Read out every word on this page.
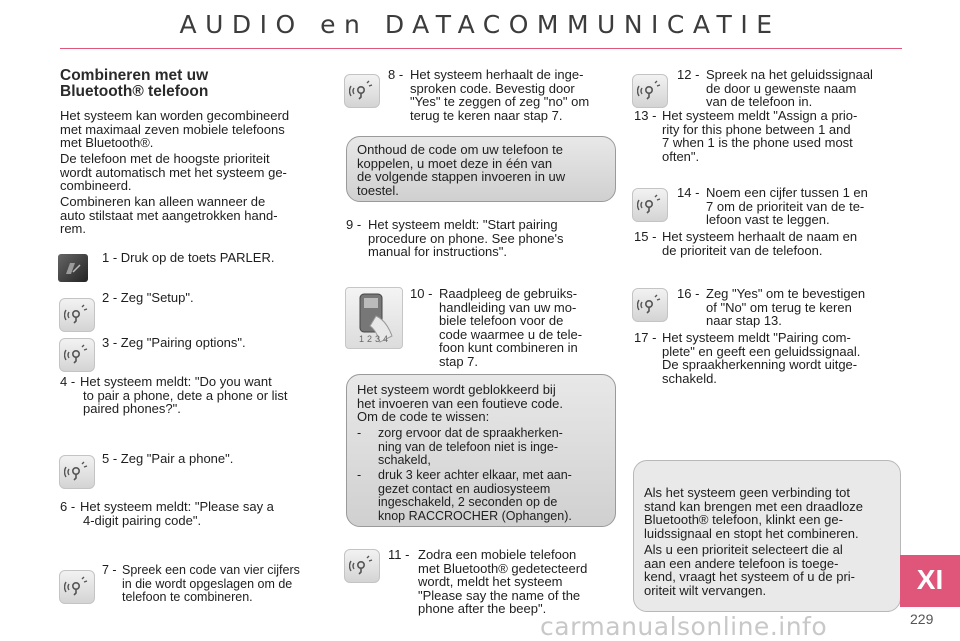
AUDIO en DATACOMMUNICATIE
Combineren met uw
Bluetooth® telefoon
Het systeem kan worden gecombineerd
met maximaal zeven mobiele telefoons
met Bluetooth®.
De telefoon met de hoogste prioriteit
wordt automatisch met het systeem ge-
combineerd.
Combineren kan alleen wanneer de
auto stilstaat met aangetrokken hand-
rem.
1 - Druk op de toets PARLER.
2 - Zeg "Setup".
3 - Zeg "Pairing options".
4 - Het systeem meldt: "Do you want
to pair a phone, dete a phone or list
paired phones?".
5 - Zeg "Pair a phone".
6 - Het systeem meldt: "Please say a
4-digit pairing code".
7 - Spreek een code van vier cijfers
in die wordt opgeslagen om de
telefoon te combineren.
8 - Het systeem herhaalt de inge-
sproken code. Bevestig door
"Yes" te zeggen of zeg "no" om
terug te keren naar stap 7.
Onthoud de code om uw telefoon te
koppelen, u moet deze in één van
de volgende stappen invoeren in uw
toestel.
9 - Het systeem meldt: "Start pairing
procedure on phone. See phone's
manual for instructions".
1234
10 - Raadpleeg de gebruiks-
handleiding van uw mo-
biele telefoon voor de
code waarmee u de tele-
foon kunt combineren in
stap 7.
Het systeem wordt geblokkeerd bij
het invoeren van een foutieve code.
Om de code te wissen:
- zorg ervoor dat de spraakherken-
ning van de telefoon niet is inge-
schakeld,
- druk 3 keer achter elkaar, met aan-
gezet contact en audiosysteem
ingeschakeld, 2 seconden op de
knop RACCROCHER (Ophangen).
11 - Zodra een mobiele telefoon
met Bluetooth® gedetecteerd
wordt, meldt het systeem
"Please say the name of the
phone after the beep".
12 - Spreek na het geluidssignaal
de door u gewenste naam
van de telefoon in.
13 - Het systeem meldt "Assign a prio-
rity for this phone between 1 and
7 when 1 is the phone used most
often".
14 - Noem een cijfer tussen 1 en
7 om de prioriteit van de te-
lefoon vast te leggen.
15 - Het systeem herhaalt de naam en
de prioriteit van de telefoon.
16 - Zeg "Yes" om te bevestigen
of "No" om terug te keren
naar stap 13.
17 - Het systeem meldt "Pairing com-
plete" en geeft een geluidssignaal.
De spraakherkenning wordt uitge-
schakeld.
Als het systeem geen verbinding tot
stand kan brengen met een draadloze
Bluetooth® telefoon, klinkt een ge-
luidssignaal en stopt het combineren.
Als u een prioriteit selecteert die al
aan een andere telefoon is toege-
kend, vraagt het systeem of u de pri-
oriteit wilt vervangen.	XI
carmanualsonline.info	229
